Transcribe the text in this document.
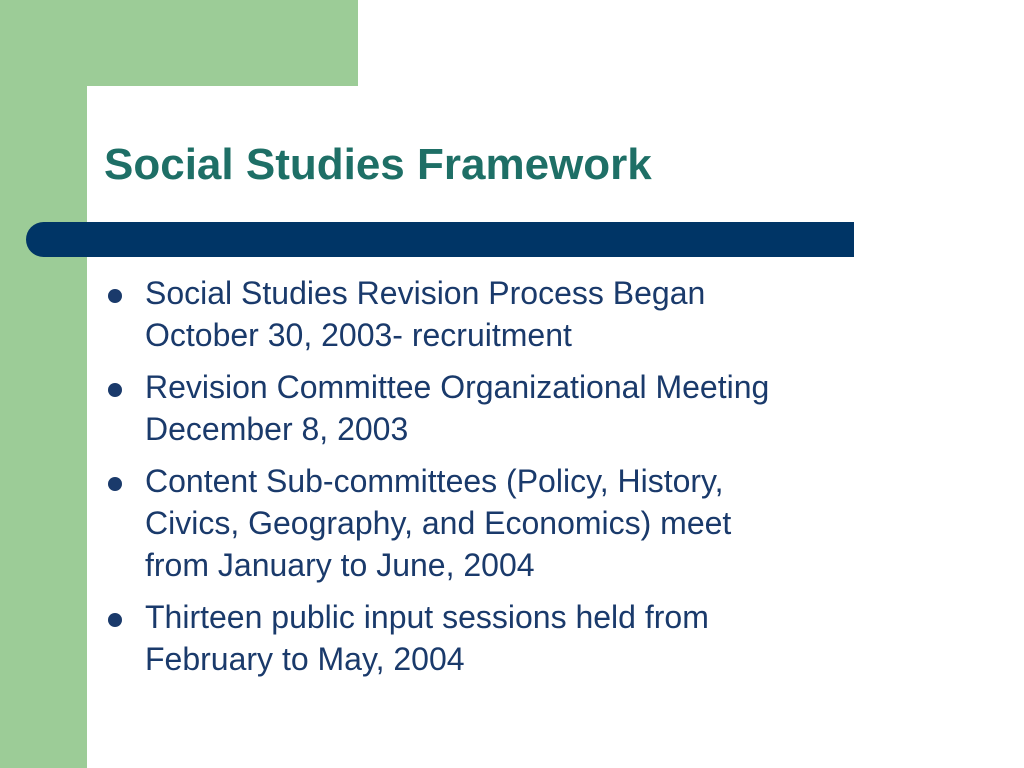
Social Studies Framework
Social Studies Revision Process Began
October 30, 2003- recruitment
Revision Committee Organizational Meeting
December 8, 2003
Content Sub-committees (Policy, History,
Civics, Geography, and Economics) meet
from January to June, 2004
Thirteen public input sessions held from
February to May, 2004
